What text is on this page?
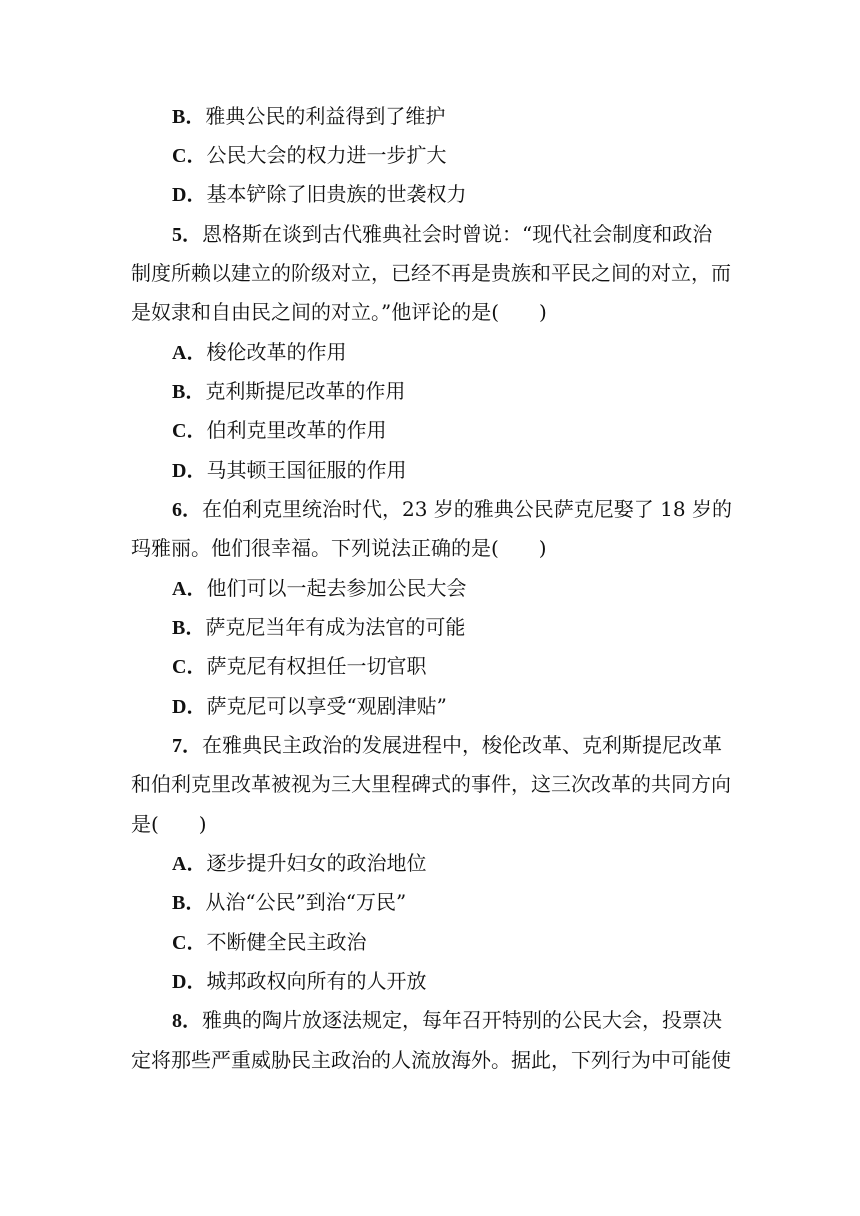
B．雅典公民的利益得到了维护
C．公民大会的权力进一步扩大
D．基本铲除了旧贵族的世袭权力
5．恩格斯在谈到古代雅典社会时曾说：“现代社会制度和政治
制度所赖以建立的阶级对立，已经不再是贵族和平民之间的对立，而
是奴隶和自由民之间的对立。”他评论的是(　　)
A．梭伦改革的作用
B．克利斯提尼改革的作用
C．伯利克里改革的作用
D．马其顿王国征服的作用
6．在伯利克里统治时代，23 岁的雅典公民萨克尼娶了 18 岁的
玛雅丽。他们很幸福。下列说法正确的是(　　)
A．他们可以一起去参加公民大会
B．萨克尼当年有成为法官的可能
C．萨克尼有权担任一切官职
D．萨克尼可以享受“观剧津贴”
7．在雅典民主政治的发展进程中，梭伦改革、克利斯提尼改革
和伯利克里改革被视为三大里程碑式的事件，这三次改革的共同方向
是(　　)
A．逐步提升妇女的政治地位
B．从治“公民”到治“万民”
C．不断健全民主政治
D．城邦政权向所有的人开放
8．雅典的陶片放逐法规定，每年召开特别的公民大会，投票决
定将那些严重威胁民主政治的人流放海外。据此，下列行为中可能使
